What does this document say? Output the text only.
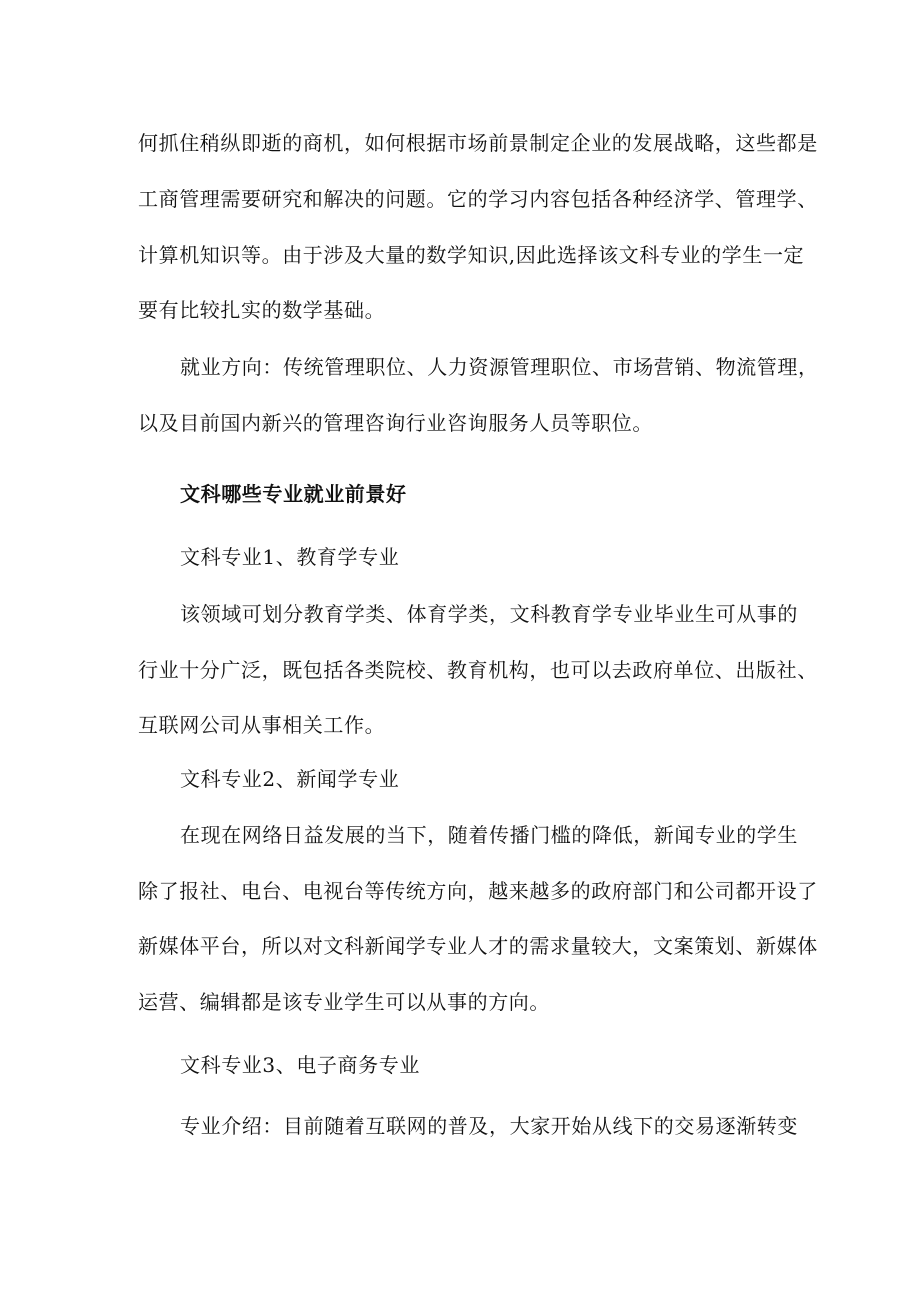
何抓住稍纵即逝的商机，如何根据市场前景制定企业的发展战略，这些都是
工商管理需要研究和解决的问题。它的学习内容包括各种经济学、管理学、
计算机知识等。由于涉及大量的数学知识,因此选择该文科专业的学生一定
要有比较扎实的数学基础。
就业方向：传统管理职位、人力资源管理职位、市场营销、物流管理，
以及目前国内新兴的管理咨询行业咨询服务人员等职位。
文科哪些专业就业前景好
文科专业1、教育学专业
该领域可划分教育学类、体育学类，文科教育学专业毕业生可从事的
行业十分广泛，既包括各类院校、教育机构，也可以去政府单位、出版社、
互联网公司从事相关工作。
文科专业2、新闻学专业
在现在网络日益发展的当下，随着传播门槛的降低，新闻专业的学生
除了报社、电台、电视台等传统方向，越来越多的政府部门和公司都开设了
新媒体平台，所以对文科新闻学专业人才的需求量较大，文案策划、新媒体
运营、编辑都是该专业学生可以从事的方向。
文科专业3、电子商务专业
专业介绍：目前随着互联网的普及，大家开始从线下的交易逐渐转变
